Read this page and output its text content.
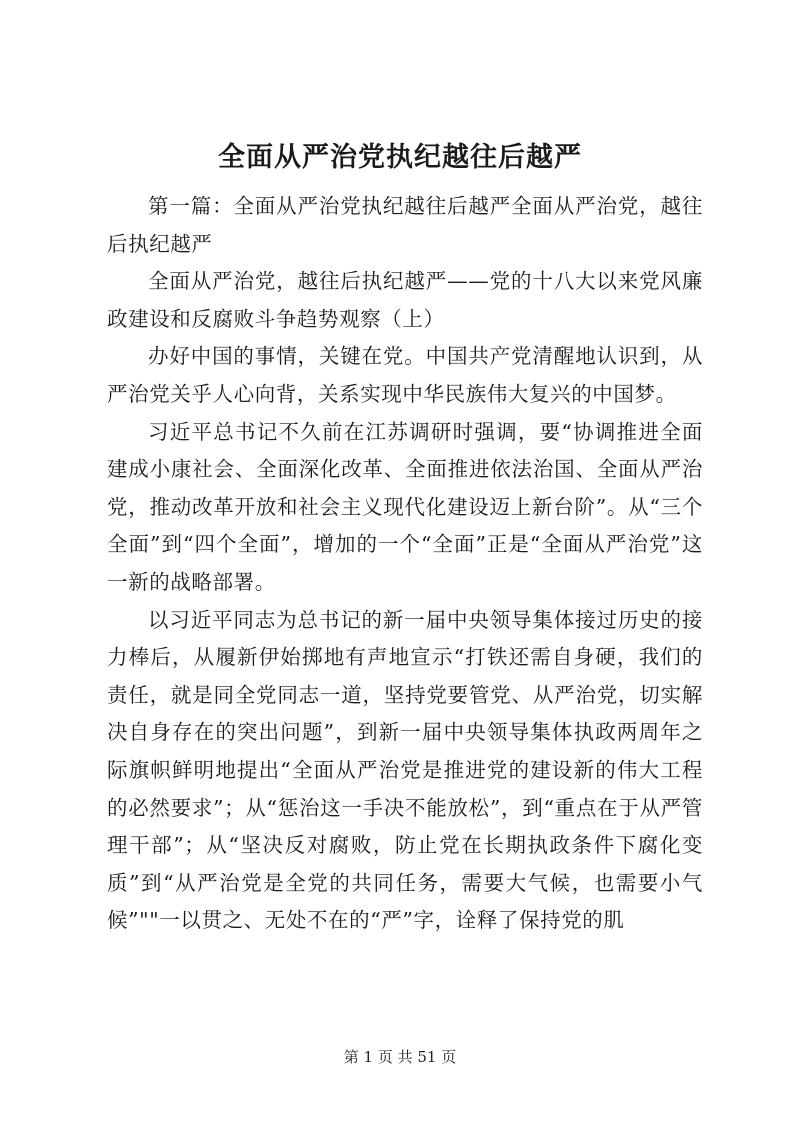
全面从严治党执纪越往后越严

第一篇：全面从严治党执纪越往后越严全面从严治党，越往后执纪越严

全面从严治党，越往后执纪越严——党的十八大以来党风廉政建设和反腐败斗争趋势观察（上）

办好中国的事情，关键在党。中国共产党清醒地认识到，从严治党关乎人心向背，关系实现中华民族伟大复兴的中国梦。

习近平总书记不久前在江苏调研时强调，要“协调推进全面建成小康社会、全面深化改革、全面推进依法治国、全面从严治党，推动改革开放和社会主义现代化建设迈上新台阶”。从“三个全面”到“四个全面”，增加的一个“全面”正是“全面从严治党”这一新的战略部署。

以习近平同志为总书记的新一届中央领导集体接过历史的接力棒后，从履新伊始掷地有声地宣示“打铁还需自身硬，我们的责任，就是同全党同志一道，坚持党要管党、从严治党，切实解决自身存在的突出问题”，到新一届中央领导集体执政两周年之际旗帜鲜明地提出“全面从严治党是推进党的建设新的伟大工程的必然要求”；从“惩治这一手决不能放松”，到“重点在于从严管理干部”；从“坚决反对腐败，防止党在长期执政条件下腐化变质”到“从严治党是全党的共同任务，需要大气候，也需要小气候”""一以贯之、无处不在的“严”字，诠释了保持党的肌

第 1 页 共 51 页
